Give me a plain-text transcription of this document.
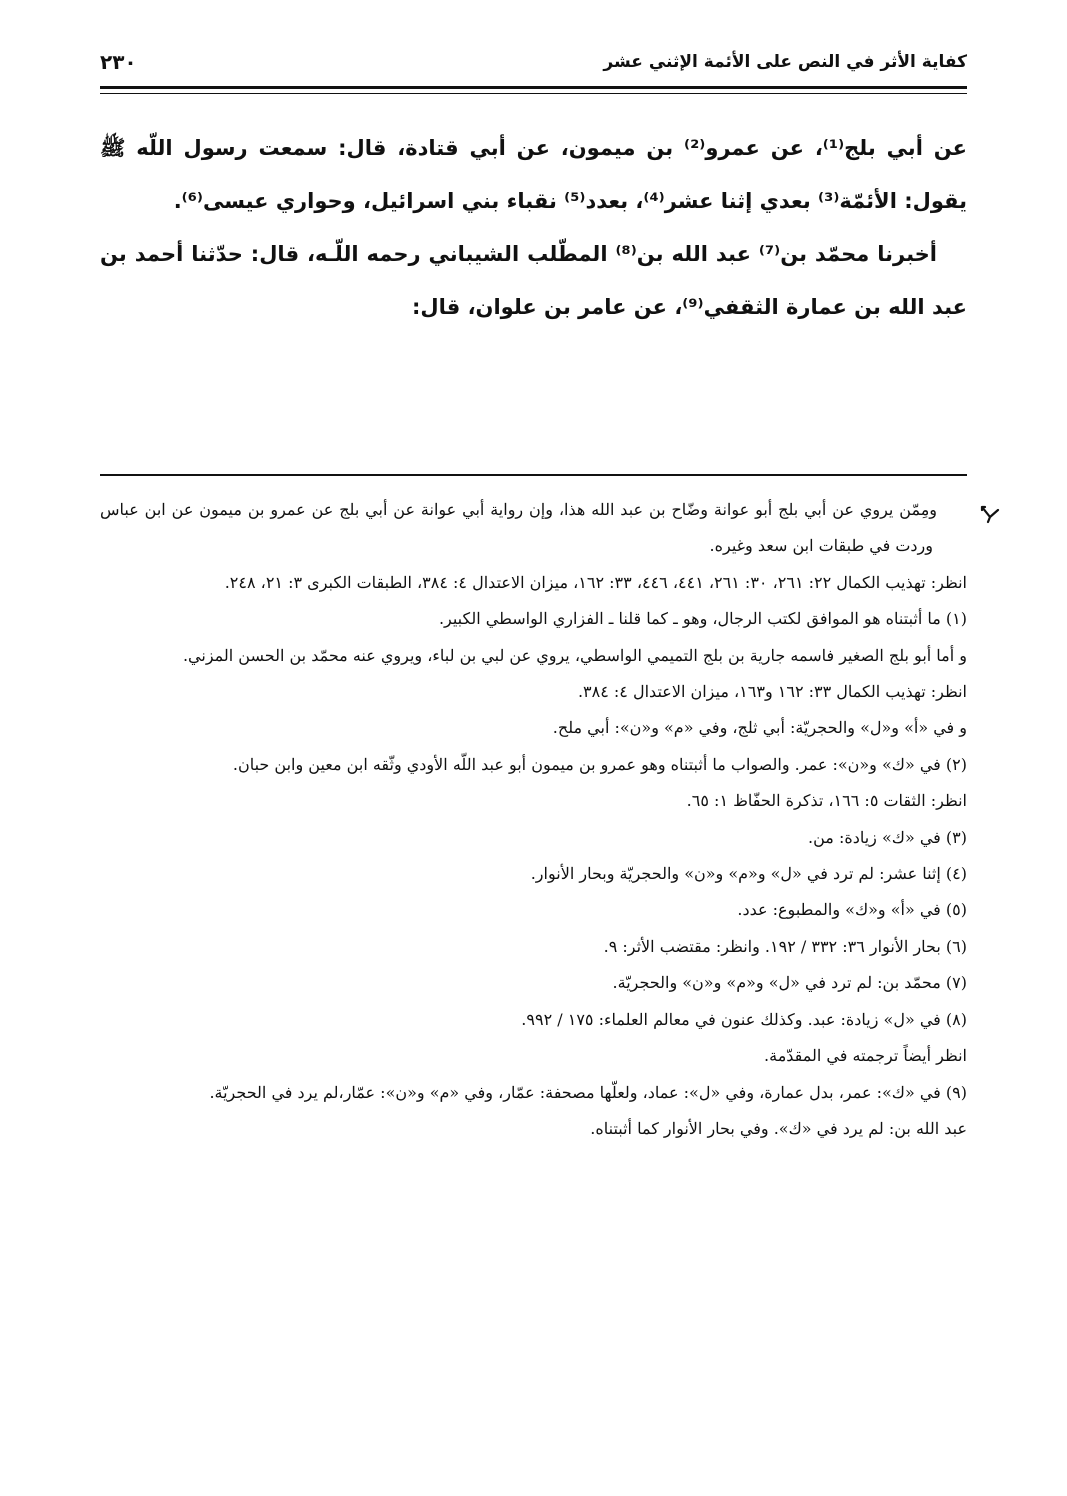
كفاية الأثر في النص على الأئمة الإثني عشر
٢٣٠

عن أبي بلج⁽¹⁾، عن عمرو⁽²⁾ بن ميمون، عن أبي قتادة، قال: سمعت رسول اللّه ﷺ يقول: الأئمّة⁽³⁾ بعدي إثنا عشر⁽⁴⁾، بعدد⁽⁵⁾ نقباء بني اسرائيل، وحواري عيسى⁽⁶⁾.

أخبرنا محمّد بن⁽⁷⁾ عبد الله بن⁽⁸⁾ المطّلب الشيباني رحمه اللّـه، قال: حدّثنا أحمد بن عبد الله بن عمارة الثقفي⁽⁹⁾، عن عامر بن علوان، قال:

ومِمّن يروي عن أبي بلج أبو عوانة وضّاح بن عبد الله هذا، وإن رواية أبي عوانة عن أبي بلج عن عمرو بن ميمون عن ابن عباس وردت في طبقات ابن سعد وغيره.

انظر: تهذيب الكمال ٢٢: ٢٦١، ٣٠: ٢٦١، ٤٤١، ٤٤٦، ٣٣: ١٦٢، ميزان الاعتدال ٤: ٣٨٤، الطبقات الكبرى ٣: ٢١، ٢٤٨.

(١) ما أثبتناه هو الموافق لكتب الرجال، وهو ـ كما قلنا ـ الفزاري الواسطي الكبير.

و أما أبو بلج الصغير فاسمه جارية بن بلج التميمي الواسطي، يروي عن لبي بن لباء، ويروي عنه محمّد بن الحسن المزني.

انظر: تهذيب الكمال ٣٣: ١٦٢ و١٦٣، ميزان الاعتدال ٤: ٣٨٤.

و في «أ» و«ل» والحجريّة: أبي ثلج، وفي «م» و«ن»: أبي ملح.

(٢) في «ك» و«ن»: عمر. والصواب ما أثبتناه وهو عمرو بن ميمون أبو عبد اللّه الأودي وثّقه ابن معين وابن حبان.

انظر: الثقات ٥: ١٦٦، تذكرة الحفّاظ ١: ٦٥.

(٣) في «ك» زيادة: من.

(٤) إثنا عشر: لم ترد في «ل» و«م» و«ن» والحجريّة وبحار الأنوار.

(٥) في «أ» و«ك» والمطبوع: عدد.

(٦) بحار الأنوار ٣٦: ٣٣٢ / ١٩٢. وانظر: مقتضب الأثر: ٩.

(٧) محمّد بن: لم ترد في «ل» و«م» و«ن» والحجريّة.

(٨) في «ل» زيادة: عبد. وكذلك عنون في معالم العلماء: ١٧٥ / ٩٩٢.

انظر أيضاً ترجمته في المقدّمة.

(٩) في «ك»: عمر، بدل عمارة، وفي «ل»: عماد، ولعلّها مصحفة: عمّار، وفي «م» و«ن»: عمّار،لم يرد في الحجريّة.

عبد الله بن: لم يرد في «ك». وفي بحار الأنوار كما أثبتناه.
